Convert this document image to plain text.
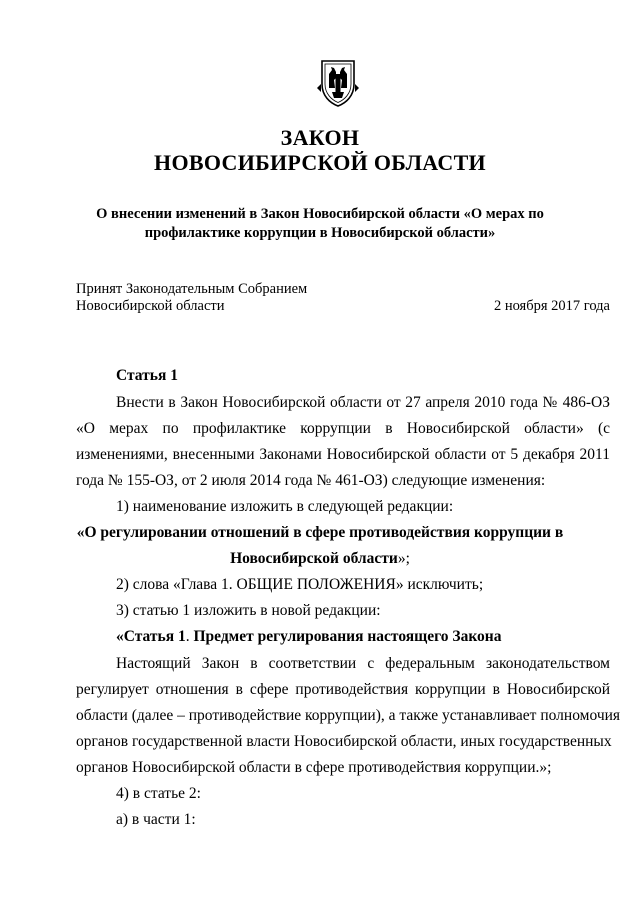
ЗАКОН
НОВОСИБИРСКОЙ ОБЛАСТИ
О внесении изменений в Закон Новосибирской области «О мерах по
профилактике коррупции в Новосибирской области»
Принят Законодательным Собранием
Новосибирской области	2 ноября 2017 года
Статья 1
Внести в Закон Новосибирской области от 27 апреля 2010 года № 486-ОЗ
«О мерах по профилактике коррупции в Новосибирской области» (с
изменениями, внесенными Законами Новосибирской области от 5 декабря 2011
года № 155-ОЗ, от 2 июля 2014 года № 461-ОЗ) следующие изменения:
1) наименование изложить в следующей редакции:
«О регулировании отношений в сфере противодействия коррупции в
Новосибирской области»;
2) слова «Глава 1. ОБЩИЕ ПОЛОЖЕНИЯ» исключить;
3) статью 1 изложить в новой редакции:
«Статья 1. Предмет регулирования настоящего Закона
Настоящий Закон в соответствии с федеральным законодательством
регулирует отношения в сфере противодействия коррупции в Новосибирской
области (далее – противодействие коррупции), а также устанавливает полномочия
органов государственной власти Новосибирской области, иных государственных
органов Новосибирской области в сфере противодействия коррупции.»;
4) в статье 2:
а) в части 1:
